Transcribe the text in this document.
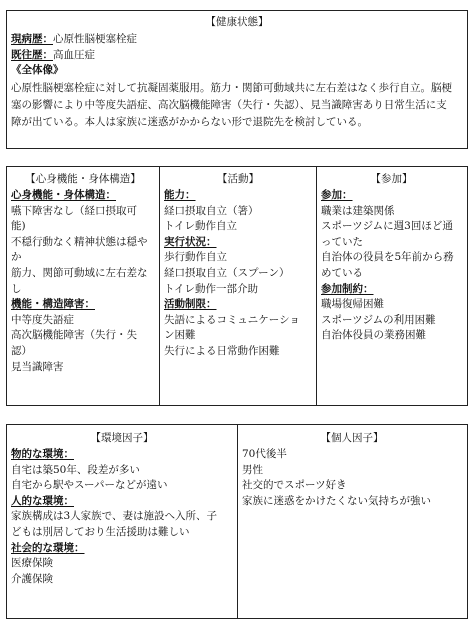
【健康状態】
現病歴：心原性脳梗塞栓症
既往歴：高血圧症
《全体像》
心原性脳梗塞栓症に対して抗凝固薬服用。筋力・関節可動域共に左右差はなく歩行自立。脳梗
塞の影響により中等度失語症、高次脳機能障害（失行・失認）、見当識障害あり日常生活に支
障が出ている。本人は家族に迷惑がかからない形で退院先を検討している。
【心身機能・身体構造】
心身機能・身体構造：
嚥下障害なし（経口摂取可
能)
不穏行動なく精神状態は穏や
か
筋力、関節可動域に左右差な
し
機能・構造障害：
中等度失語症
高次脳機能障害（失行・失
認）
見当識障害
【活動】
能力：
経口摂取自立（箸）
トイレ動作自立
実行状況：
歩行動作自立
経口摂取自立（スプーン）
トイレ動作一部介助
活動制限：
失語によるコミュニケーショ
ン困難
失行による日常動作困難
【参加】
参加：
職業は建築関係
スポーツジムに週3回ほど通
っていた
自治体の役員を5年前から務
めている
参加制約：
職場復帰困難
スポーツジムの利用困難
自治体役員の業務困難
【環境因子】
物的な環境：
自宅は築50年、段差が多い
自宅から駅やスーパーなどが遠い
人的な環境：
家族構成は3人家族で、妻は施設へ入所、子
どもは別居しており生活援助は難しい
社会的な環境：
医療保険
介護保険
【個人因子】
70代後半
男性
社交的でスポーツ好き
家族に迷惑をかけたくない気持ちが強い
